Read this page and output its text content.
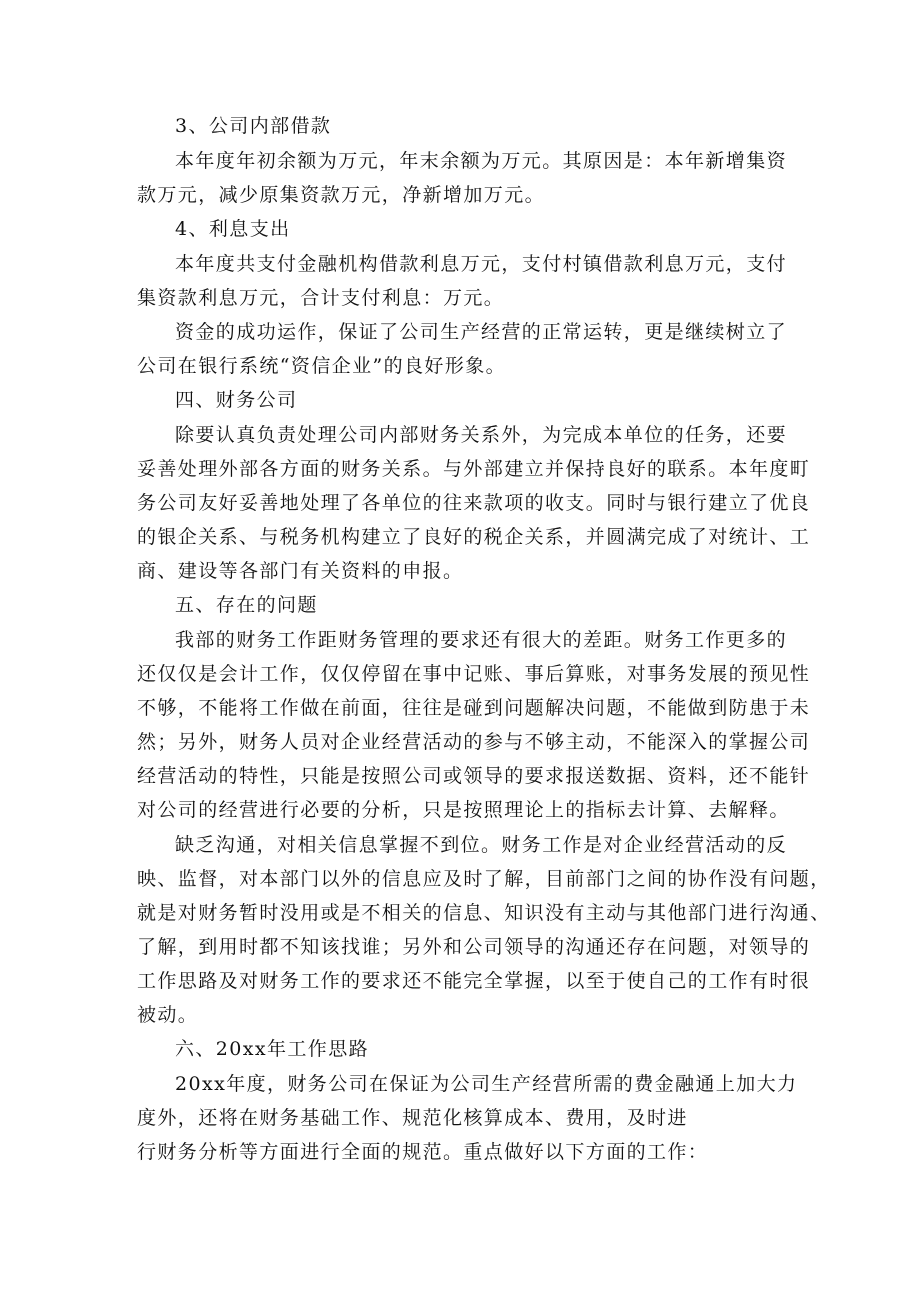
3、公司内部借款

本年度年初余额为万元，年末余额为万元。其原因是：本年新增集资

款万元，减少原集资款万元，净新增加万元。

4、利息支出

本年度共支付金融机构借款利息万元，支付村镇借款利息万元，支付

集资款利息万元，合计支付利息：万元。

资金的成功运作，保证了公司生产经营的正常运转，更是继续树立了

公司在银行系统“资信企业”的良好形象。

四、财务公司

除要认真负责处理公司内部财务关系外，为完成本单位的任务，还要

妥善处理外部各方面的财务关系。与外部建立并保持良好的联系。本年度町

务公司友好妥善地处理了各单位的往来款项的收支。同时与银行建立了优良

的银企关系、与税务机构建立了良好的税企关系，并圆满完成了对统计、工

商、建设等各部门有关资料的申报。

五、存在的问题

我部的财务工作距财务管理的要求还有很大的差距。财务工作更多的

还仅仅是会计工作，仅仅停留在事中记账、事后算账，对事务发展的预见性

不够，不能将工作做在前面，往往是碰到问题解决问题，不能做到防患于未

然；另外，财务人员对企业经营活动的参与不够主动，不能深入的掌握公司

经营活动的特性，只能是按照公司或领导的要求报送数据、资料，还不能针

对公司的经营进行必要的分析，只是按照理论上的指标去计算、去解释。

缺乏沟通，对相关信息掌握不到位。财务工作是对企业经营活动的反

映、监督，对本部门以外的信息应及时了解，目前部门之间的协作没有问题，

就是对财务暂时没用或是不相关的信息、知识没有主动与其他部门进行沟通、

了解，到用时都不知该找谁；另外和公司领导的沟通还存在问题，对领导的

工作思路及对财务工作的要求还不能完全掌握，以至于使自己的工作有时很

被动。

六、20xx年工作思路

20xx年度，财务公司在保证为公司生产经营所需的费金融通上加大力

度外，还将在财务基础工作、规范化核算成本、费用，及时进

行财务分析等方面进行全面的规范。重点做好以下方面的工作：
